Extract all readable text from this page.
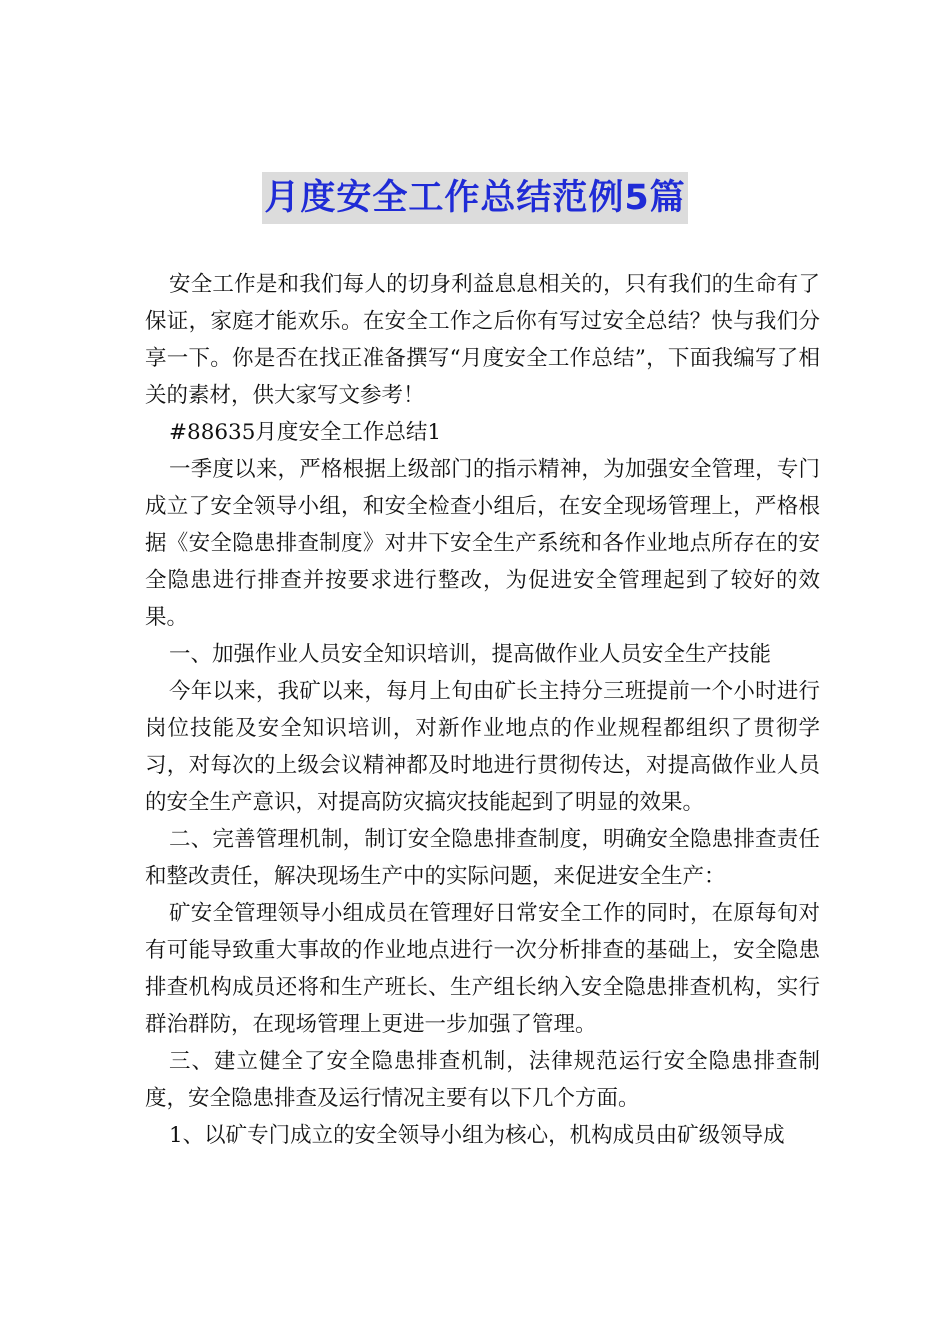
月度安全工作总结范例5篇

安全工作是和我们每人的切身利益息息相关的，只有我们的生命有了保证，家庭才能欢乐。在安全工作之后你有写过安全总结？快与我们分享一下。你是否在找正准备撰写“月度安全工作总结”，下面我编写了相关的素材，供大家写文参考！

#88635月度安全工作总结1

一季度以来，严格根据上级部门的指示精神，为加强安全管理，专门成立了安全领导小组，和安全检查小组后，在安全现场管理上，严格根据《安全隐患排查制度》对井下安全生产系统和各作业地点所存在的安全隐患进行排查并按要求进行整改，为促进安全管理起到了较好的效果。

一、加强作业人员安全知识培训，提高做作业人员安全生产技能

今年以来，我矿以来，每月上旬由矿长主持分三班提前一个小时进行岗位技能及安全知识培训，对新作业地点的作业规程都组织了贯彻学习，对每次的上级会议精神都及时地进行贯彻传达，对提高做作业人员的安全生产意识，对提高防灾搞灾技能起到了明显的效果。

二、完善管理机制，制订安全隐患排查制度，明确安全隐患排查责任和整改责任，解决现场生产中的实际问题，来促进安全生产：

矿安全管理领导小组成员在管理好日常安全工作的同时，在原每旬对有可能导致重大事故的作业地点进行一次分析排查的基础上，安全隐患排查机构成员还将和生产班长、生产组长纳入安全隐患排查机构，实行群治群防，在现场管理上更进一步加强了管理。

三、建立健全了安全隐患排查机制，法律规范运行安全隐患排查制度，安全隐患排查及运行情况主要有以下几个方面。

1、以矿专门成立的安全领导小组为核心，机构成员由矿级领导成
